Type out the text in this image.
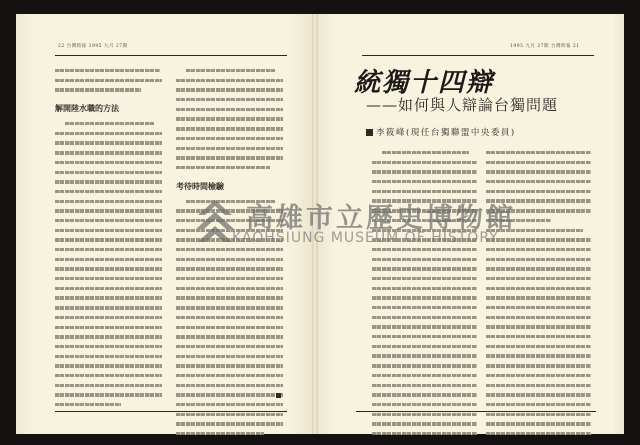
22 台灣時報 1995 九月 27期
解開陸水職的方法
考待時間檢驗
1995 九月 27期 台灣時報 21
統獨十四辯
——如何與人辯論台獨問題
李筱峰(現任台獨聯盟中央委員)
高雄市立歷史博物館
KAOHSIUNG MUSEUM OF HISTORY
